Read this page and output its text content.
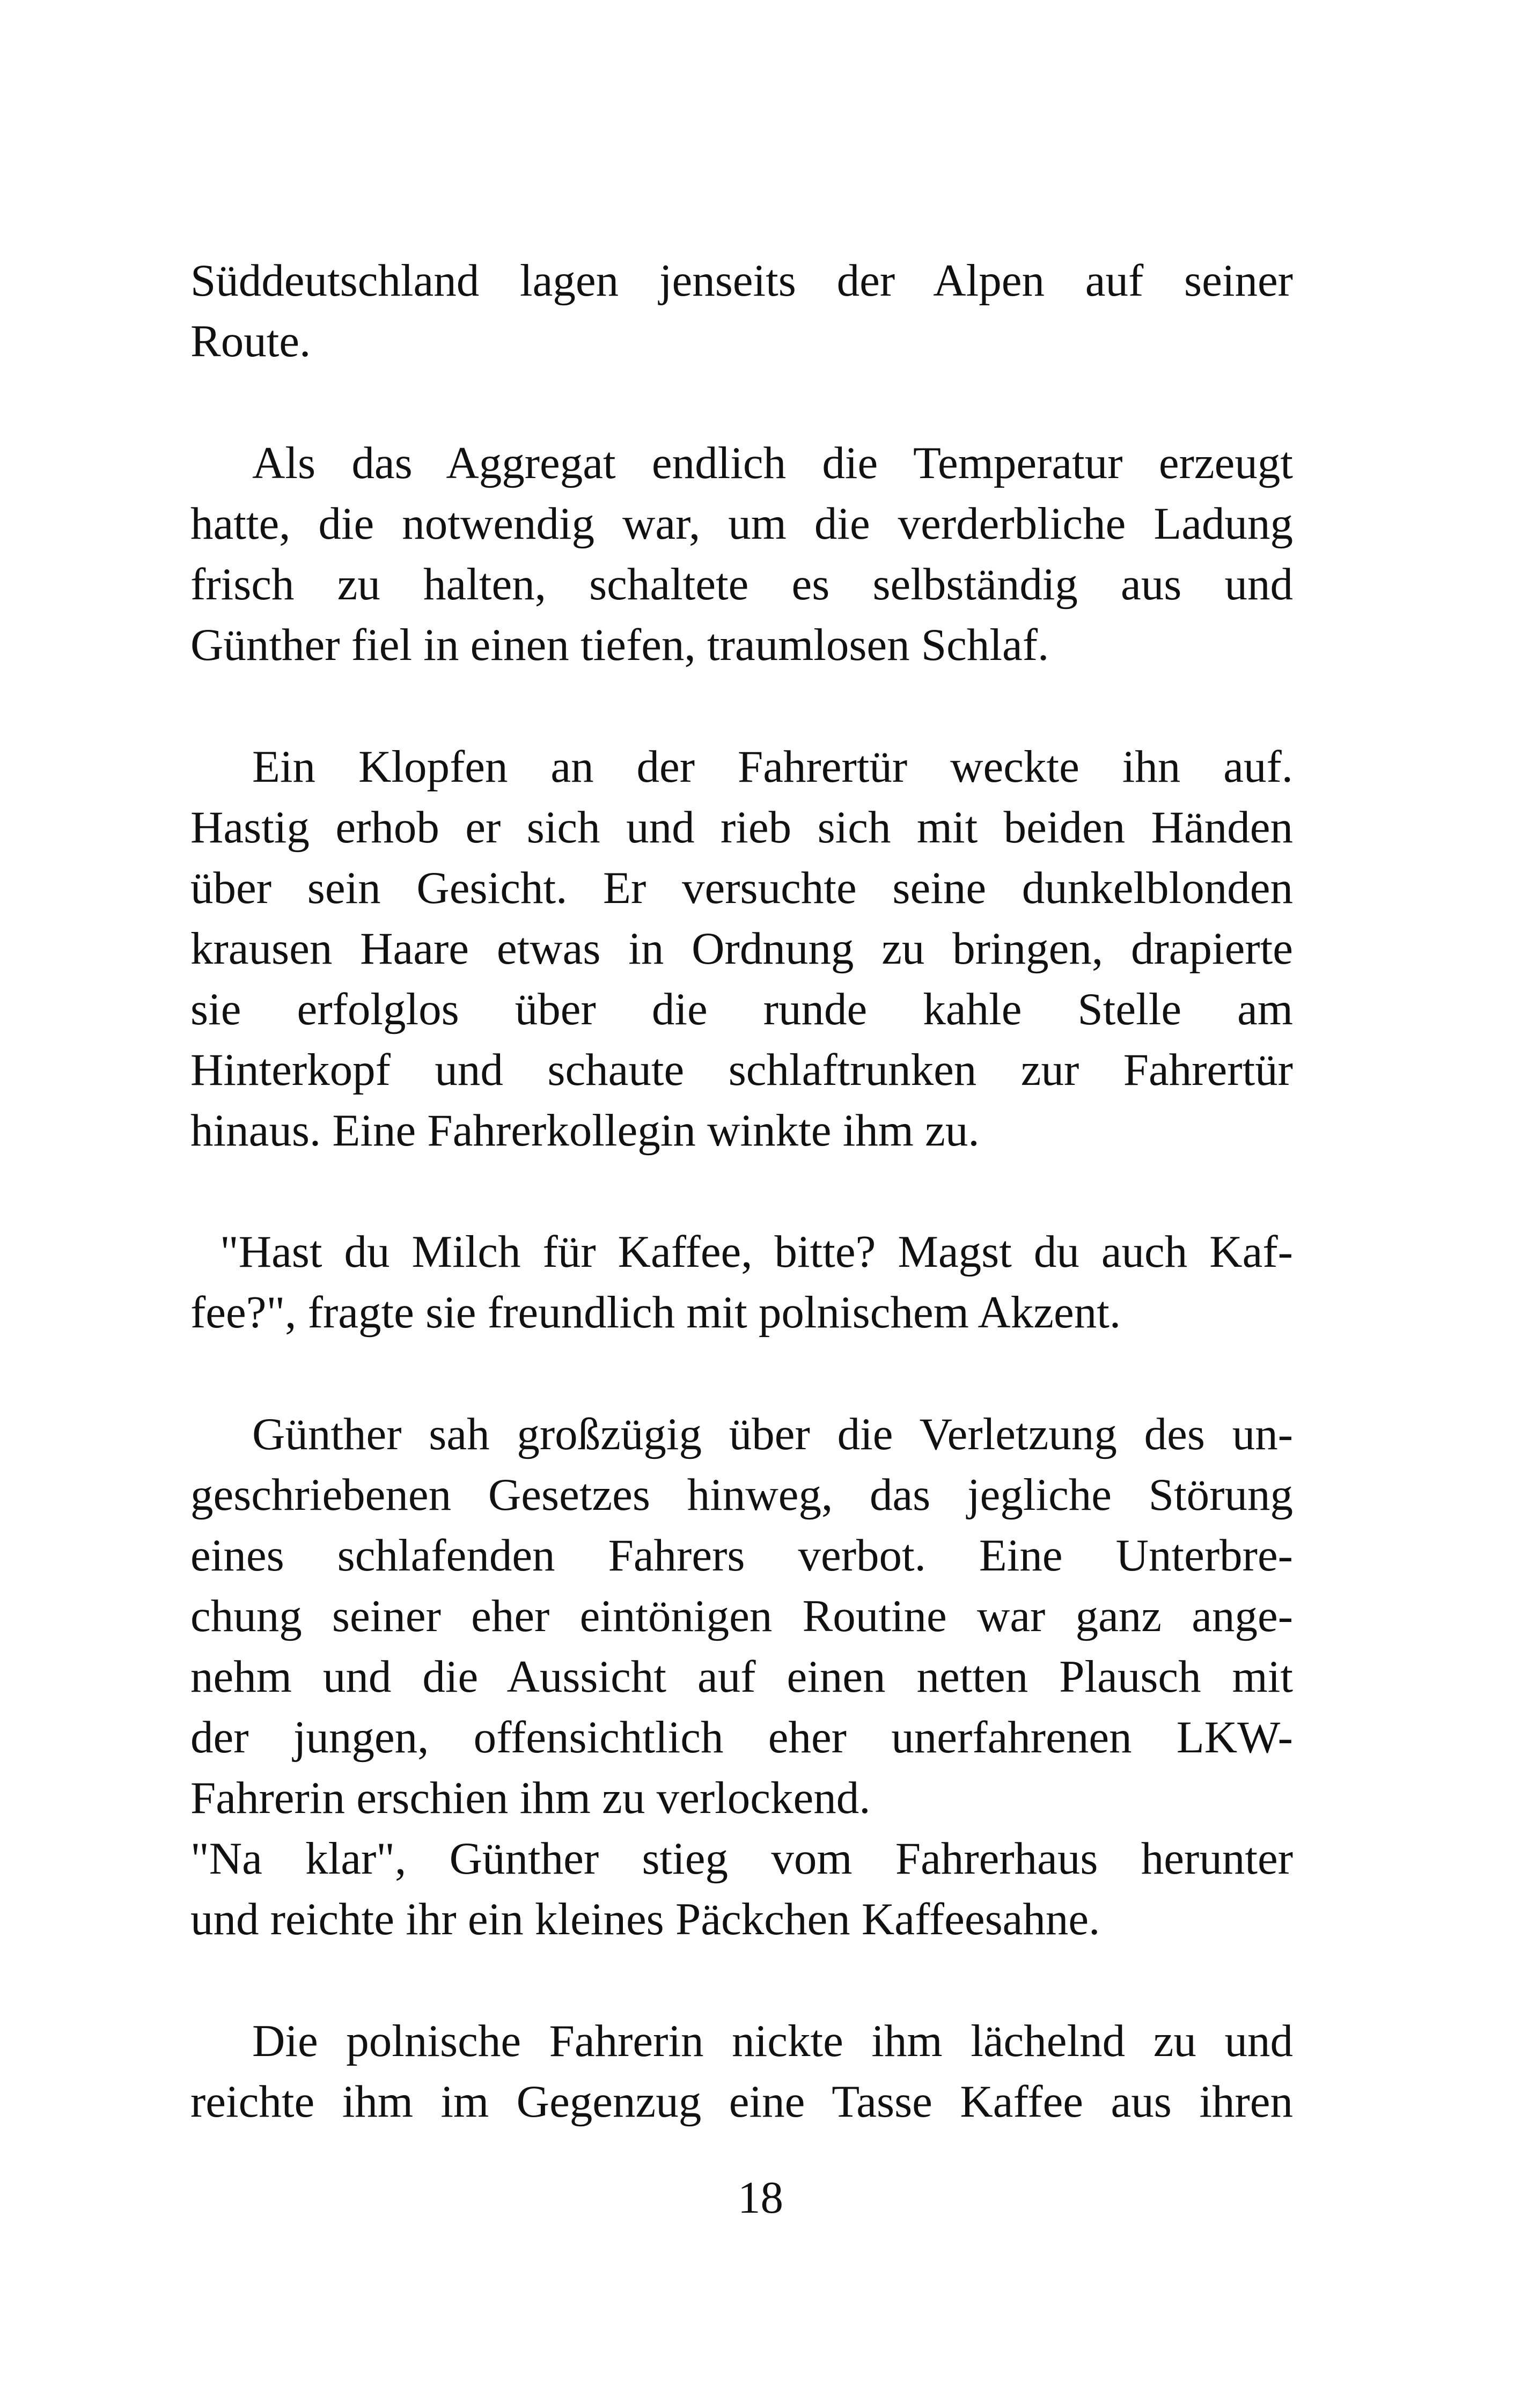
Süddeutschland lagen jenseits der Alpen auf seiner
Route.

Als das Aggregat endlich die Temperatur erzeugt
hatte, die notwendig war, um die verderbliche Ladung
frisch zu halten, schaltete es selbständig aus und
Günther fiel in einen tiefen, traumlosen Schlaf.

Ein Klopfen an der Fahrertür weckte ihn auf.
Hastig erhob er sich und rieb sich mit beiden Händen
über sein Gesicht. Er versuchte seine dunkelblonden
krausen Haare etwas in Ordnung zu bringen, drapierte
sie erfolglos über die runde kahle Stelle am
Hinterkopf und schaute schlaftrunken zur Fahrertür
hinaus. Eine Fahrerkollegin winkte ihm zu.

"Hast du Milch für Kaffee, bitte? Magst du auch Kaf-
fee?", fragte sie freundlich mit polnischem Akzent.

Günther sah großzügig über die Verletzung des un-
geschriebenen Gesetzes hinweg, das jegliche Störung
eines schlafenden Fahrers verbot. Eine Unterbre-
chung seiner eher eintönigen Routine war ganz ange-
nehm und die Aussicht auf einen netten Plausch mit
der jungen, offensichtlich eher unerfahrenen LKW-
Fahrerin erschien ihm zu verlockend.

"Na klar", Günther stieg vom Fahrerhaus herunter
und reichte ihr ein kleines Päckchen Kaffeesahne.

Die polnische Fahrerin nickte ihm lächelnd zu und
reichte ihm im Gegenzug eine Tasse Kaffee aus ihren

18
